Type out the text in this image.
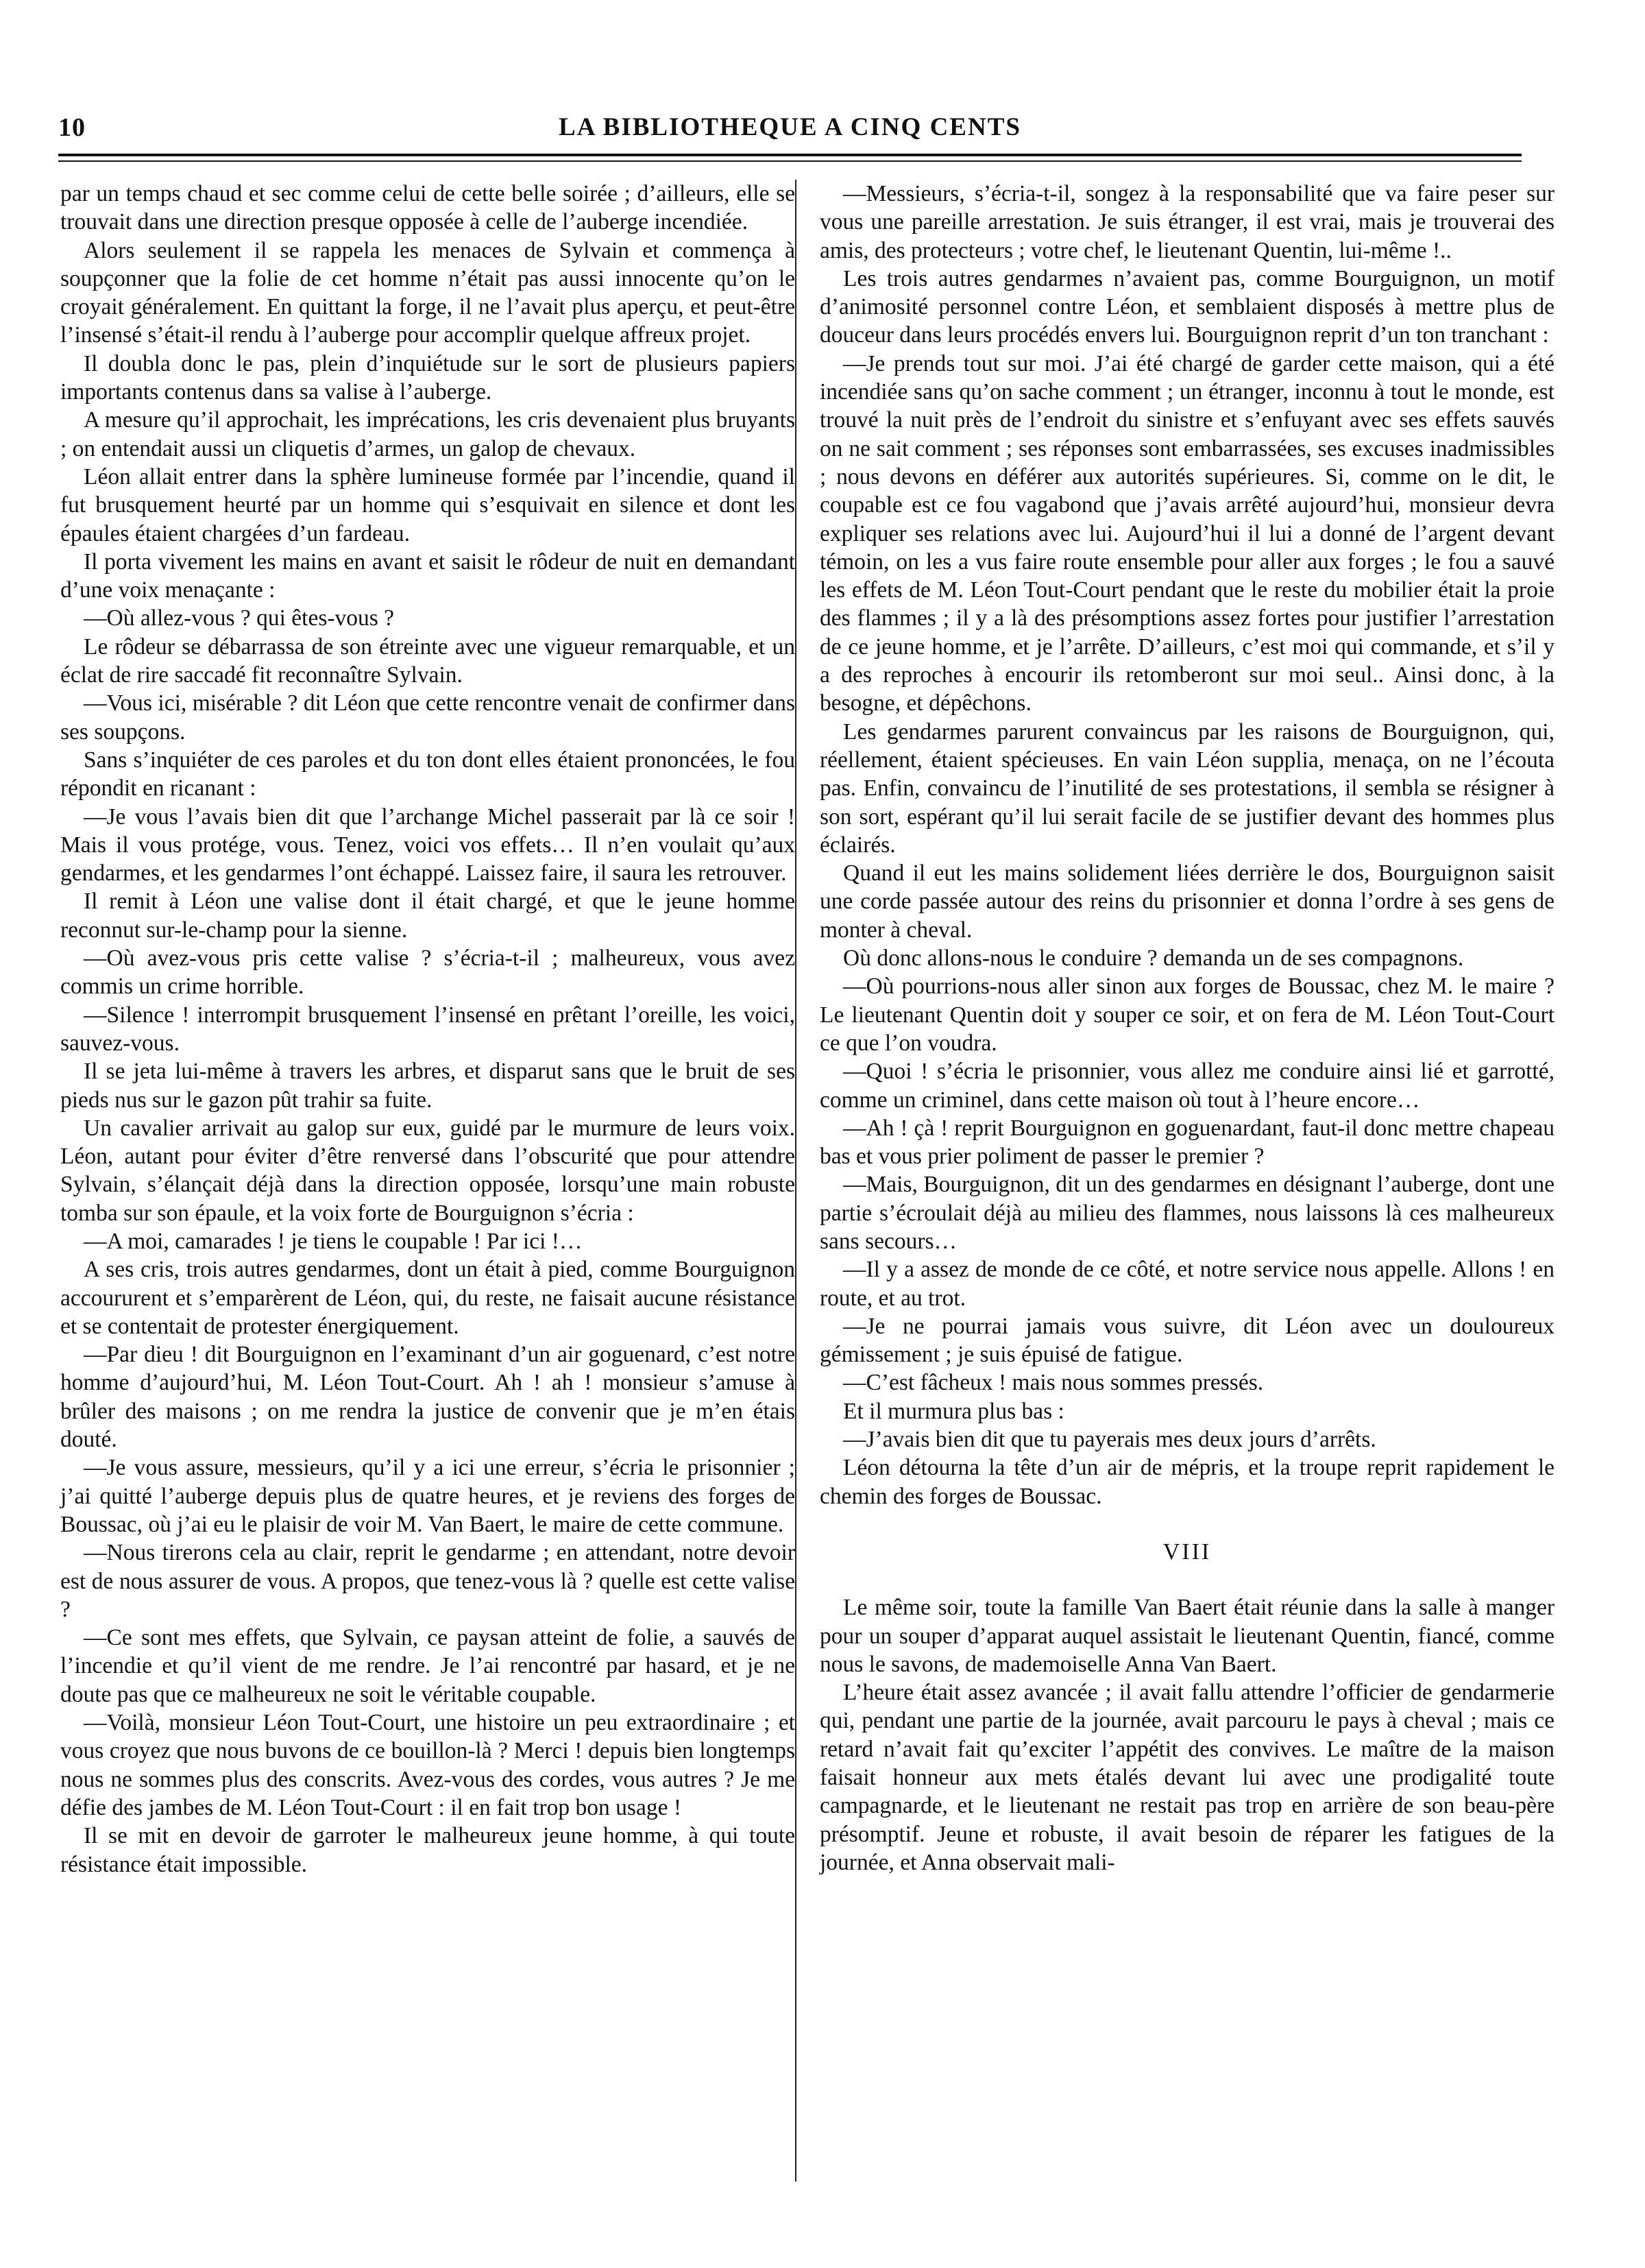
10	LA BIBLIOTHEQUE A CINQ CENTS

par un temps chaud et sec comme celui de cette belle soirée ; d’ailleurs, elle se trouvait dans une direction presque opposée à celle de l’auberge incendiée.

Alors seulement il se rappela les menaces de Sylvain et commença à soupçonner que la folie de cet homme n’était pas aussi innocente qu’on le croyait généralement. En quittant la forge, il ne l’avait plus aperçu, et peut-être l’insensé s’était-il rendu à l’auberge pour accomplir quelque affreux projet.

Il doubla donc le pas, plein d’inquiétude sur le sort de plusieurs papiers importants contenus dans sa valise à l’auberge.

A mesure qu’il approchait, les imprécations, les cris devenaient plus bruyants ; on entendait aussi un cliquetis d’armes, un galop de chevaux.

Léon allait entrer dans la sphère lumineuse formée par l’incendie, quand il fut brusquement heurté par un homme qui s’esquivait en silence et dont les épaules étaient chargées d’un fardeau.

Il porta vivement les mains en avant et saisit le rôdeur de nuit en demandant d’une voix menaçante :

—Où allez-vous ? qui êtes-vous ?

Le rôdeur se débarrassa de son étreinte avec une vigueur remarquable, et un éclat de rire saccadé fit reconnaître Sylvain.

—Vous ici, misérable ? dit Léon que cette rencontre venait de confirmer dans ses soupçons.

Sans s’inquiéter de ces paroles et du ton dont elles étaient prononcées, le fou répondit en ricanant :

—Je vous l’avais bien dit que l’archange Michel passerait par là ce soir ! Mais il vous protége, vous. Tenez, voici vos effets… Il n’en voulait qu’aux gendarmes, et les gendarmes l’ont échappé. Laissez faire, il saura les retrouver.

Il remit à Léon une valise dont il était chargé, et que le jeune homme reconnut sur-le-champ pour la sienne.

—Où avez-vous pris cette valise ? s’écria-t-il ; malheureux, vous avez commis un crime horrible.

—Silence ! interrompit brusquement l’insensé en prêtant l’oreille, les voici, sauvez-vous.

Il se jeta lui-même à travers les arbres, et disparut sans que le bruit de ses pieds nus sur le gazon pût trahir sa fuite.

Un cavalier arrivait au galop sur eux, guidé par le murmure de leurs voix. Léon, autant pour éviter d’être renversé dans l’obscurité que pour attendre Sylvain, s’élançait déjà dans la direction opposée, lorsqu’une main robuste tomba sur son épaule, et la voix forte de Bourguignon s’écria :

—A moi, camarades ! je tiens le coupable ! Par ici !…

A ses cris, trois autres gendarmes, dont un était à pied, comme Bourguignon accoururent et s’emparèrent de Léon, qui, du reste, ne faisait aucune résistance et se contentait de protester énergiquement.

—Par dieu ! dit Bourguignon en l’examinant d’un air goguenard, c’est notre homme d’aujourd’hui, M. Léon Tout-Court. Ah ! ah ! monsieur s’amuse à brûler des maisons ; on me rendra la justice de convenir que je m’en étais douté.

—Je vous assure, messieurs, qu’il y a ici une erreur, s’écria le prisonnier ; j’ai quitté l’auberge depuis plus de quatre heures, et je reviens des forges de Boussac, où j’ai eu le plaisir de voir M. Van Baert, le maire de cette commune.

—Nous tirerons cela au clair, reprit le gendarme ; en attendant, notre devoir est de nous assurer de vous. A propos, que tenez-vous là ? quelle est cette valise ?

—Ce sont mes effets, que Sylvain, ce paysan atteint de folie, a sauvés de l’incendie et qu’il vient de me rendre. Je l’ai rencontré par hasard, et je ne doute pas que ce malheureux ne soit le véritable coupable.

—Voilà, monsieur Léon Tout-Court, une histoire un peu extraordinaire ; et vous croyez que nous buvons de ce bouillon-là ? Merci ! depuis bien longtemps nous ne sommes plus des conscrits. Avez-vous des cordes, vous autres ? Je me défie des jambes de M. Léon Tout-Court : il en fait trop bon usage !

Il se mit en devoir de garroter le malheureux jeune homme, à qui toute résistance était impossible.

—Messieurs, s’écria-t-il, songez à la responsabilité que va faire peser sur vous une pareille arrestation. Je suis étranger, il est vrai, mais je trouverai des amis, des protecteurs ; votre chef, le lieutenant Quentin, lui-même !..

Les trois autres gendarmes n’avaient pas, comme Bourguignon, un motif d’animosité personnel contre Léon, et semblaient disposés à mettre plus de douceur dans leurs procédés envers lui. Bourguignon reprit d’un ton tranchant :

—Je prends tout sur moi. J’ai été chargé de garder cette maison, qui a été incendiée sans qu’on sache comment ; un étranger, inconnu à tout le monde, est trouvé la nuit près de l’endroit du sinistre et s’enfuyant avec ses effets sauvés on ne sait comment ; ses réponses sont embarrassées, ses excuses inadmissibles ; nous devons en déférer aux autorités supérieures. Si, comme on le dit, le coupable est ce fou vagabond que j’avais arrêté aujourd’hui, monsieur devra expliquer ses relations avec lui. Aujourd’hui il lui a donné de l’argent devant témoin, on les a vus faire route ensemble pour aller aux forges ; le fou a sauvé les effets de M. Léon Tout-Court pendant que le reste du mobilier était la proie des flammes ; il y a là des présomptions assez fortes pour justifier l’arrestation de ce jeune homme, et je l’arrête. D’ailleurs, c’est moi qui commande, et s’il y a des reproches à encourir ils retomberont sur moi seul.. Ainsi donc, à la besogne, et dépêchons.

Les gendarmes parurent convaincus par les raisons de Bourguignon, qui, réellement, étaient spécieuses. En vain Léon supplia, menaça, on ne l’écouta pas. Enfin, convaincu de l’inutilité de ses protestations, il sembla se résigner à son sort, espérant qu’il lui serait facile de se justifier devant des hommes plus éclairés.

Quand il eut les mains solidement liées derrière le dos, Bourguignon saisit une corde passée autour des reins du prisonnier et donna l’ordre à ses gens de monter à cheval.

Où donc allons-nous le conduire ? demanda un de ses compagnons.

—Où pourrions-nous aller sinon aux forges de Boussac, chez M. le maire ? Le lieutenant Quentin doit y souper ce soir, et on fera de M. Léon Tout-Court ce que l’on voudra.

—Quoi ! s’écria le prisonnier, vous allez me conduire ainsi lié et garrotté, comme un criminel, dans cette maison où tout à l’heure encore…

—Ah ! çà ! reprit Bourguignon en goguenardant, faut-il donc mettre chapeau bas et vous prier poliment de passer le premier ?

—Mais, Bourguignon, dit un des gendarmes en désignant l’auberge, dont une partie s’écroulait déjà au milieu des flammes, nous laissons là ces malheureux sans secours…

—Il y a assez de monde de ce côté, et notre service nous appelle. Allons ! en route, et au trot.

—Je ne pourrai jamais vous suivre, dit Léon avec un douloureux gémissement ; je suis épuisé de fatigue.

—C’est fâcheux ! mais nous sommes pressés.

Et il murmura plus bas :

—J’avais bien dit que tu payerais mes deux jours d’arrêts.

Léon détourna la tête d’un air de mépris, et la troupe reprit rapidement le chemin des forges de Boussac.

VIII

Le même soir, toute la famille Van Baert était réunie dans la salle à manger pour un souper d’apparat auquel assistait le lieutenant Quentin, fiancé, comme nous le savons, de mademoiselle Anna Van Baert.

L’heure était assez avancée ; il avait fallu attendre l’officier de gendarmerie qui, pendant une partie de la journée, avait parcouru le pays à cheval ; mais ce retard n’avait fait qu’exciter l’appétit des convives. Le maître de la maison faisait honneur aux mets étalés devant lui avec une prodigalité toute campagnarde, et le lieutenant ne restait pas trop en arrière de son beau-père présomptif. Jeune et robuste, il avait besoin de réparer les fatigues de la journée, et Anna observait mali-
